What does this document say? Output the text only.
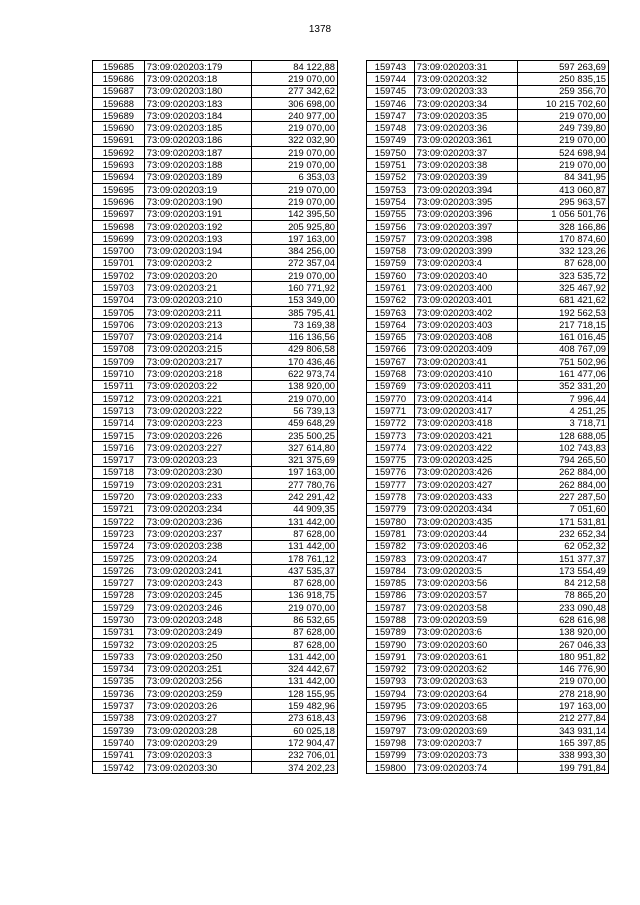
1378
159685	73:09:020203:179	84 122,88
159686	73:09:020203:18	219 070,00
159687	73:09:020203:180	277 342,62
159688	73:09:020203:183	306 698,00
159689	73:09:020203:184	240 977,00
159690	73:09:020203:185	219 070,00
159691	73:09:020203:186	322 032,90
159692	73:09:020203:187	219 070,00
159693	73:09:020203:188	219 070,00
159694	73:09:020203:189	6 353,03
159695	73:09:020203:19	219 070,00
159696	73:09:020203:190	219 070,00
159697	73:09:020203:191	142 395,50
159698	73:09:020203:192	205 925,80
159699	73:09:020203:193	197 163,00
159700	73:09:020203:194	384 256,00
159701	73:09:020203:2	272 357,04
159702	73:09:020203:20	219 070,00
159703	73:09:020203:21	160 771,92
159704	73:09:020203:210	153 349,00
159705	73:09:020203:211	385 795,41
159706	73:09:020203:213	73 169,38
159707	73:09:020203:214	116 136,56
159708	73:09:020203:215	429 806,58
159709	73:09:020203:217	170 436,46
159710	73:09:020203:218	622 973,74
159711	73:09:020203:22	138 920,00
159712	73:09:020203:221	219 070,00
159713	73:09:020203:222	56 739,13
159714	73:09:020203:223	459 648,29
159715	73:09:020203:226	235 500,25
159716	73:09:020203:227	327 614,80
159717	73:09:020203:23	321 375,69
159718	73:09:020203:230	197 163,00
159719	73:09:020203:231	277 780,76
159720	73:09:020203:233	242 291,42
159721	73:09:020203:234	44 909,35
159722	73:09:020203:236	131 442,00
159723	73:09:020203:237	87 628,00
159724	73:09:020203:238	131 442,00
159725	73:09:020203:24	178 761,12
159726	73:09:020203:241	437 535,37
159727	73:09:020203:243	87 628,00
159728	73:09:020203:245	136 918,75
159729	73:09:020203:246	219 070,00
159730	73:09:020203:248	86 532,65
159731	73:09:020203:249	87 628,00
159732	73:09:020203:25	87 628,00
159733	73:09:020203:250	131 442,00
159734	73:09:020203:251	324 442,67
159735	73:09:020203:256	131 442,00
159736	73:09:020203:259	128 155,95
159737	73:09:020203:26	159 482,96
159738	73:09:020203:27	273 618,43
159739	73:09:020203:28	60 025,18
159740	73:09:020203:29	172 904,47
159741	73:09:020203:3	232 706,01
159742	73:09:020203:30	374 202,23
159743	73:09:020203:31	597 263,69
159744	73:09:020203:32	250 835,15
159745	73:09:020203:33	259 356,70
159746	73:09:020203:34	10 215 702,60
159747	73:09:020203:35	219 070,00
159748	73:09:020203:36	249 739,80
159749	73:09:020203:361	219 070,00
159750	73:09:020203:37	524 698,94
159751	73:09:020203:38	219 070,00
159752	73:09:020203:39	84 341,95
159753	73:09:020203:394	413 060,87
159754	73:09:020203:395	295 963,57
159755	73:09:020203:396	1 056 501,76
159756	73:09:020203:397	328 166,86
159757	73:09:020203:398	170 874,60
159758	73:09:020203:399	332 123,26
159759	73:09:020203:4	87 628,00
159760	73:09:020203:40	323 535,72
159761	73:09:020203:400	325 467,92
159762	73:09:020203:401	681 421,62
159763	73:09:020203:402	192 562,53
159764	73:09:020203:403	217 718,15
159765	73:09:020203:408	161 016,45
159766	73:09:020203:409	408 767,09
159767	73:09:020203:41	751 502,96
159768	73:09:020203:410	161 477,06
159769	73:09:020203:411	352 331,20
159770	73:09:020203:414	7 996,44
159771	73:09:020203:417	4 251,25
159772	73:09:020203:418	3 718,71
159773	73:09:020203:421	128 688,05
159774	73:09:020203:422	102 743,83
159775	73:09:020203:425	794 265,50
159776	73:09:020203:426	262 884,00
159777	73:09:020203:427	262 884,00
159778	73:09:020203:433	227 287,50
159779	73:09:020203:434	7 051,60
159780	73:09:020203:435	171 531,81
159781	73:09:020203:44	232 652,34
159782	73:09:020203:46	62 052,32
159783	73:09:020203:47	151 377,37
159784	73:09:020203:5	173 554,49
159785	73:09:020203:56	84 212,58
159786	73:09:020203:57	78 865,20
159787	73:09:020203:58	233 090,48
159788	73:09:020203:59	628 616,98
159789	73:09:020203:6	138 920,00
159790	73:09:020203:60	267 046,33
159791	73:09:020203:61	180 951,82
159792	73:09:020203:62	146 776,90
159793	73:09:020203:63	219 070,00
159794	73:09:020203:64	278 218,90
159795	73:09:020203:65	197 163,00
159796	73:09:020203:68	212 277,84
159797	73:09:020203:69	343 931,14
159798	73:09:020203:7	165 397,85
159799	73:09:020203:73	338 993,30
159800	73:09:020203:74	199 791,84
